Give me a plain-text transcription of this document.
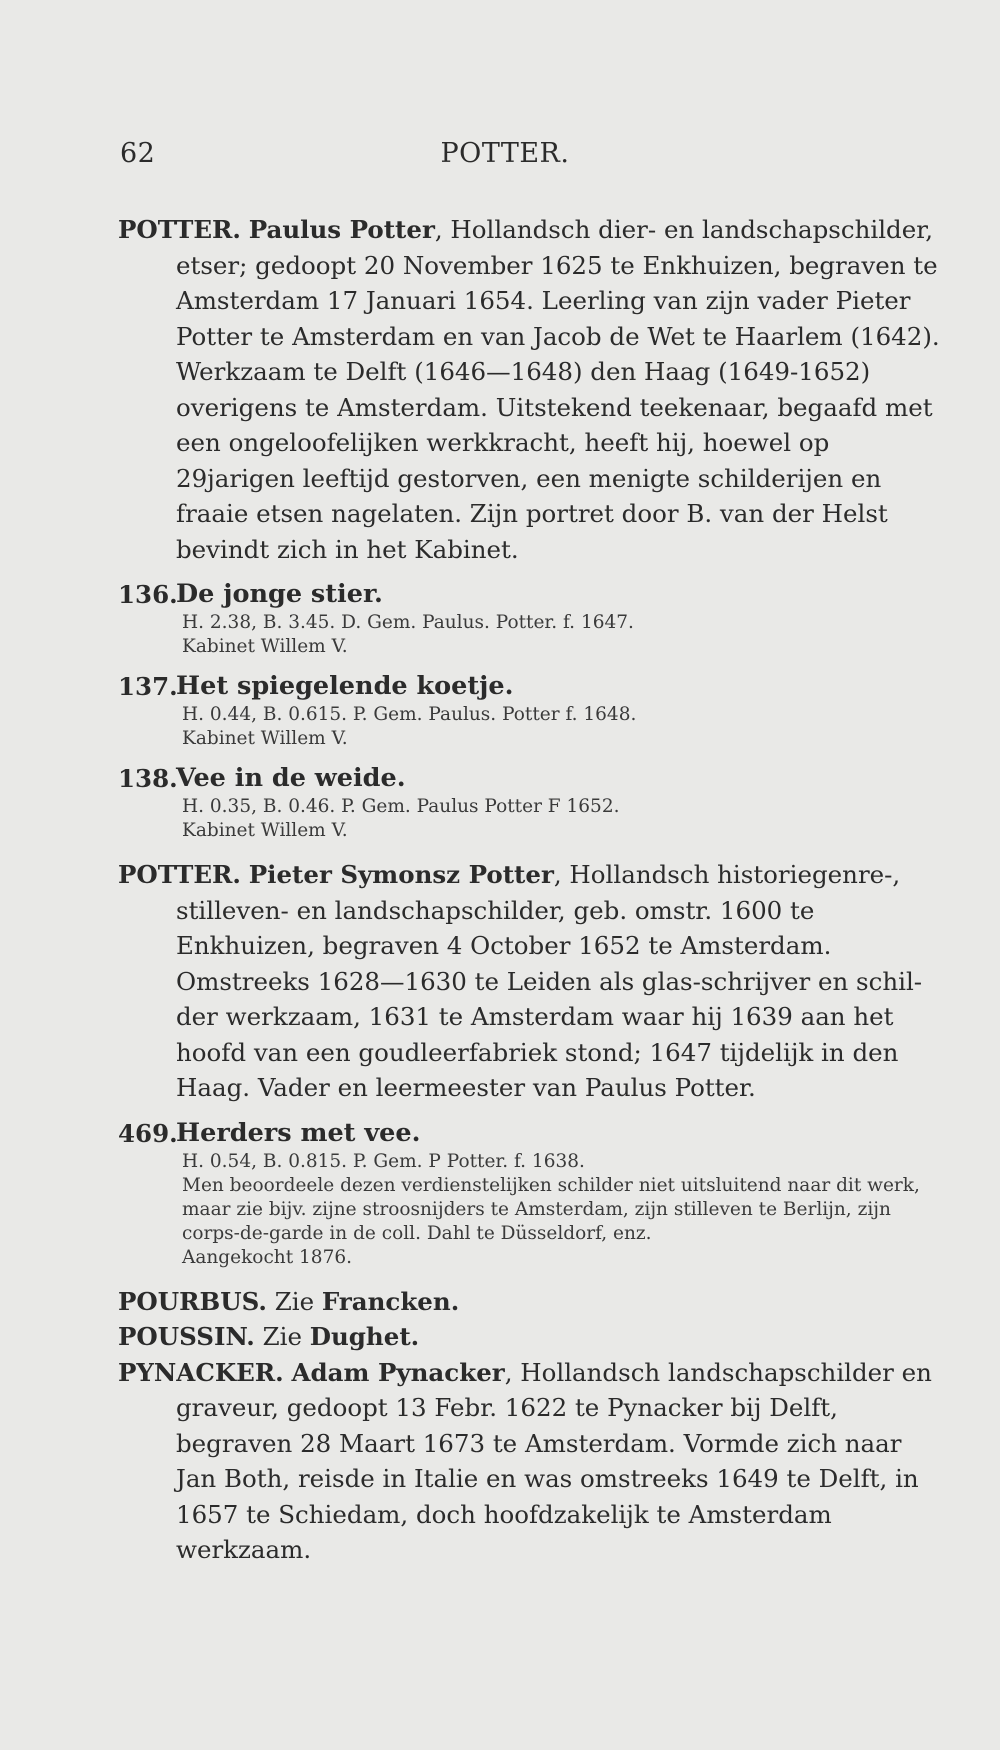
62	POTTER.

POTTER. Paulus Potter, Hollandsch dier- en landschapschilder, etser; gedoopt 20 November 1625 te Enkhuizen, begraven te Amsterdam 17 Januari 1654. Leerling van zijn vader Pieter Potter te Amsterdam en van Jacob de Wet te Haarlem (1642). Werkzaam te Delft (1646—1648) den Haag (1649-1652) overigens te Amsterdam. Uitstekend teekenaar, begaafd met een ongeloofelijken werkkracht, heeft hij, hoewel op 29jarigen leeftijd gestorven, een menigte schilderijen en fraaie etsen nagelaten. Zijn portret door B. van der Helst bevindt zich in het Kabinet.

136.
De jonge stier.
H. 2.38, B. 3.45. D. Gem. Paulus. Potter. f. 1647.
Kabinet Willem V.
137.
Het spiegelende koetje.
H. 0.44, B. 0.615. P. Gem. Paulus. Potter f. 1648.
Kabinet Willem V.
138.
Vee in de weide.
H. 0.35, B. 0.46. P. Gem. Paulus Potter F 1652.
Kabinet Willem V.

POTTER. Pieter Symonsz Potter, Hollandsch historiegenre-, stilleven- en landschapschilder, geb. omstr. 1600 te Enkhuizen, begraven 4 October 1652 te Amsterdam. Omstreeks 1628—1630 te Leiden als glas-schrijver en schilder werkzaam, 1631 te Amsterdam waar hij 1639 aan het hoofd van een goudleerfabriek stond; 1647 tijdelijk in den Haag. Vader en leermeester van Paulus Potter.

469.
Herders met vee.
H. 0.54, B. 0.815. P. Gem. P Potter. f. 1638.
Men beoordeele dezen verdienstelijken schilder niet uitsluitend naar dit werk, maar zie bijv. zijne stroosnijders te Amsterdam, zijn stilleven te Berlijn, zijn corps-de-garde in de coll. Dahl te Düsseldorf, enz.
Aangekocht 1876.

POURBUS. Zie Francken.

POUSSIN. Zie Dughet.

PYNACKER. Adam Pynacker, Hollandsch landschapschilder en graveur, gedoopt 13 Febr. 1622 te Pynacker bij Delft, begraven 28 Maart 1673 te Amsterdam. Vormde zich naar Jan Both, reisde in Italie en was omstreeks 1649 te Delft, in 1657 te Schiedam, doch hoofdzakelijk te Amsterdam werkzaam.
